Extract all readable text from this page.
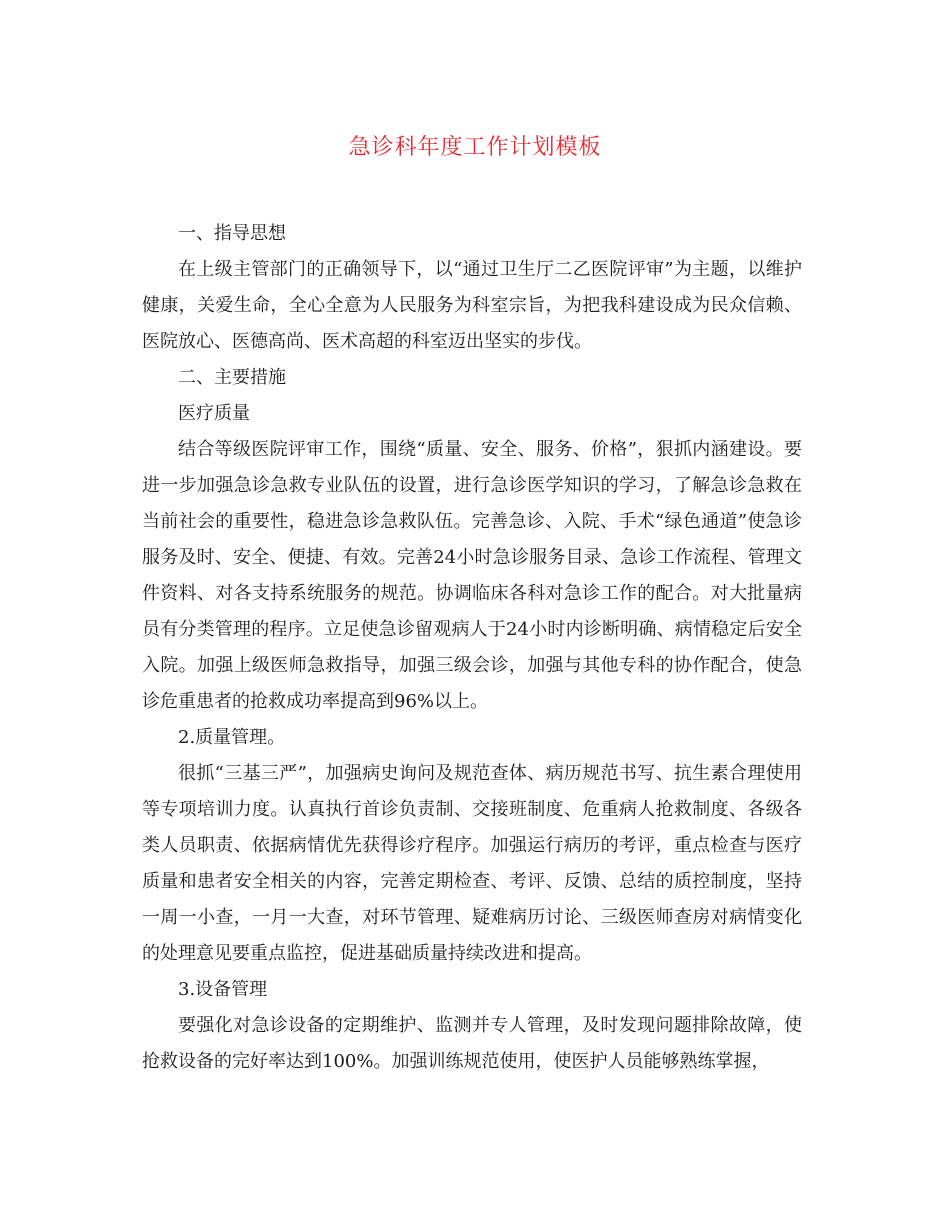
急诊科年度工作计划模板

一、指导思想

在上级主管部门的正确领导下，以“通过卫生厅二乙医院评审”为主题，以维护健康，关爱生命，全心全意为人民服务为科室宗旨，为把我科建设成为民众信赖、医院放心、医德高尚、医术高超的科室迈出坚实的步伐。

二、主要措施

医疗质量

结合等级医院评审工作，围绕“质量、安全、服务、价格”，狠抓内涵建设。要进一步加强急诊急救专业队伍的设置，进行急诊医学知识的学习，了解急诊急救在当前社会的重要性，稳进急诊急救队伍。完善急诊、入院、手术“绿色通道”使急诊服务及时、安全、便捷、有效。完善24小时急诊服务目录、急诊工作流程、管理文件资料、对各支持系统服务的规范。协调临床各科对急诊工作的配合。对大批量病员有分类管理的程序。立足使急诊留观病人于24小时内诊断明确、病情稳定后安全入院。加强上级医师急救指导，加强三级会诊，加强与其他专科的协作配合，使急诊危重患者的抢救成功率提高到96%以上。

2.质量管理。

很抓“三基三严”，加强病史询问及规范查体、病历规范书写、抗生素合理使用等专项培训力度。认真执行首诊负责制、交接班制度、危重病人抢救制度、各级各类人员职责、依据病情优先获得诊疗程序。加强运行病历的考评，重点检查与医疗质量和患者安全相关的内容，完善定期检查、考评、反馈、总结的质控制度，坚持一周一小查，一月一大查，对环节管理、疑难病历讨论、三级医师查房对病情变化的处理意见要重点监控，促进基础质量持续改进和提高。

3.设备管理

要强化对急诊设备的定期维护、监测并专人管理，及时发现问题排除故障，使抢救设备的完好率达到100%。加强训练规范使用，使医护人员能够熟练掌握，
